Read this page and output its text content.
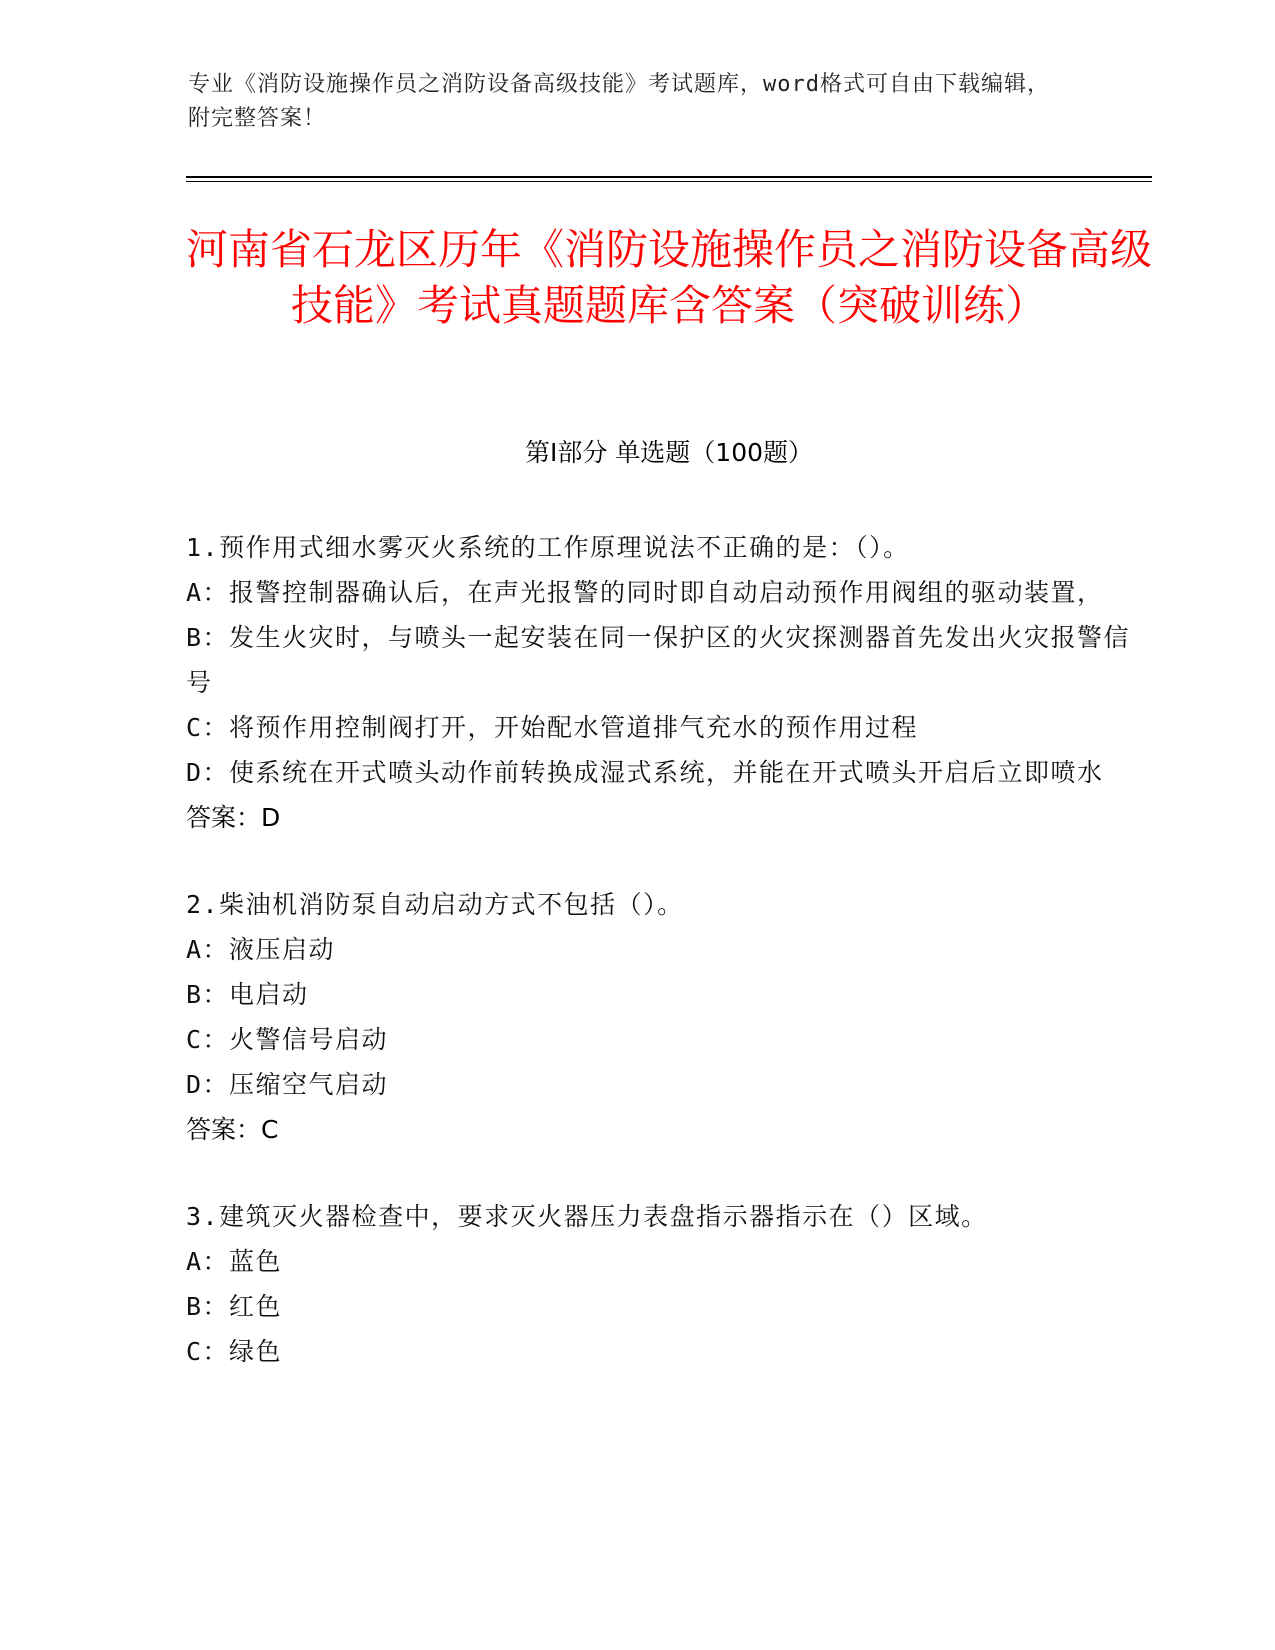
专业《消防设施操作员之消防设备高级技能》考试题库，word格式可自由下载编辑，附完整答案！
河南省石龙区历年《消防设施操作员之消防设备高级技能》考试真题题库含答案（突破训练）
第Ⅰ部分 单选题（100题）
1.预作用式细水雾灭火系统的工作原理说法不正确的是：（）。
A：报警控制器确认后，在声光报警的同时即自动启动预作用阀组的驱动装置，
B：发生火灾时，与喷头一起安装在同一保护区的火灾探测器首先发出火灾报警信号
C：将预作用控制阀打开，开始配水管道排气充水的预作用过程
D：使系统在开式喷头动作前转换成湿式系统，并能在开式喷头开启后立即喷水
答案：D
2.柴油机消防泵自动启动方式不包括（）。
A：液压启动
B：电启动
C：火警信号启动
D：压缩空气启动
答案：C
3.建筑灭火器检查中，要求灭火器压力表盘指示器指示在（）区域。
A：蓝色
B：红色
C：绿色
